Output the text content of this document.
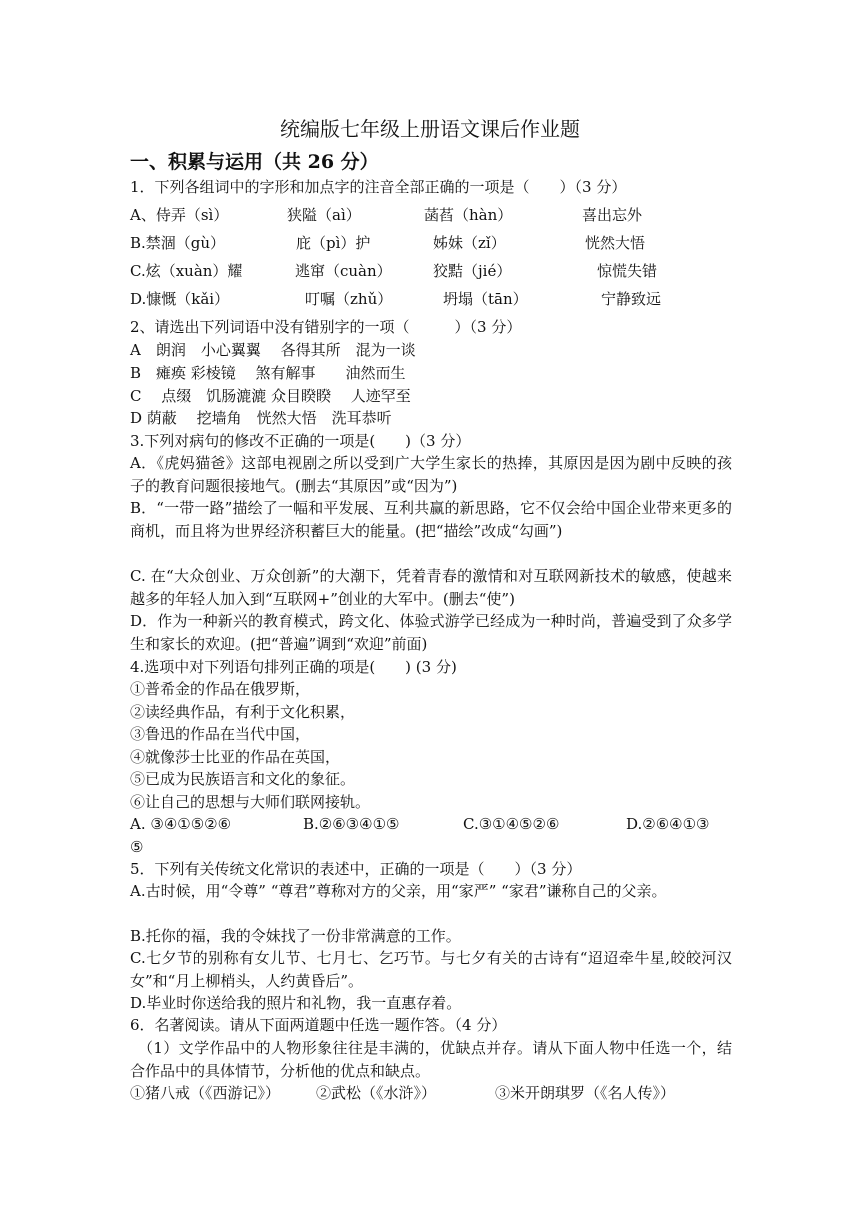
统编版七年级上册语文课后作业题
一、积累与运用（共 26 分）
1．下列各组词中的字形和加点字的注音全部正确的一项是（　　）（3 分）
A、侍弄（sì）	狭隘（aì）	菡萏（hàn）	喜出忘外
B.禁涸（gù）	庇（pì）护	姊妹（zǐ）	恍然大悟
C.炫（xuàn）耀	逃窜（cuàn）	狡黠（jié）	惊慌失错
D.慷慨（kǎi）	叮嘱（zhǔ）	坍塌（tān）	宁静致远
2、请选出下列词语中没有错别字的一项（　　　）（3 分）
A　朗润　小心翼翼　 各得其所　混为一谈
B　瘫痪 彩棱镜　 煞有解事　　油然而生
C　 点缀　饥肠漉漉 众目睽睽　 人迹罕至
D 荫蔽　 挖墙角　恍然大悟　洗耳恭听
3.下列对病句的修改不正确的一项是(　　)（3 分）
A．《虎妈猫爸》这部电视剧之所以受到广大学生家长的热捧，其原因是因为剧中反映的孩子的教育问题很接地气。(删去“其原因”或“因为”)
B．“一带一路”描绘了一幅和平发展、互利共赢的新思路，它不仅会给中国企业带来更多的商机，而且将为世界经济积蓄巨大的能量。(把“描绘”改成“勾画”)
C. 在“大众创业、万众创新”的大潮下，凭着青春的激情和对互联网新技术的敏感，使越来越多的年轻人加入到“互联网+”创业的大军中。(删去“使”)
D．作为一种新兴的教育模式，跨文化、体验式游学已经成为一种时尚，普遍受到了众多学生和家长的欢迎。(把“普遍”调到“欢迎”前面)
4.选项中对下列语句排列正确的项是(　　) (3 分)
①普希金的作品在俄罗斯，
②读经典作品，有利于文化积累，
③鲁迅的作品在当代中国，
④就像莎士比亚的作品在英国，
⑤已成为民族语言和文化的象征。
⑥让自己的思想与大师们联网接轨。
A. ③④①⑤②⑥	B.②⑥③④①⑤	C.③①④⑤②⑥	D.②⑥④①③
⑤
5．下列有关传统文化常识的表述中，正确的一项是（　　）（3 分）
A.古时候，用“令尊” “尊君”尊称对方的父亲，用“家严” “家君”谦称自己的父亲。
B.托你的福，我的令妹找了一份非常满意的工作。
C.七夕节的别称有女儿节、七月七、乞巧节。与七夕有关的古诗有“迢迢牵牛星,皎皎河汉女”和“月上柳梢头，人约黄昏后”。
D.毕业时你送给我的照片和礼物，我一直惠存着。
6．名著阅读。请从下面两道题中任选一题作答。（4 分）
（1）文学作品中的人物形象往往是丰满的，优缺点并存。请从下面人物中任选一个，结合作品中的具体情节，分析他的优点和缺点。
①猪八戒（《西游记》） ②武松（《水浒》）	③米开朗琪罗（《名人传》）
